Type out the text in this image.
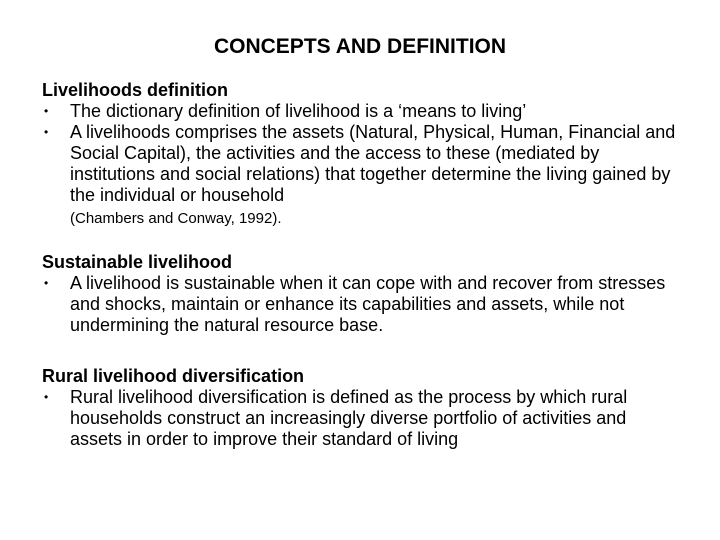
CONCEPTS AND DEFINITION
Livelihoods definition
•	The dictionary definition of livelihood is a ‘means to living’
•	A livelihoods comprises the assets (Natural, Physical, Human, Financial and Social Capital), the activities and the access to these (mediated by institutions and social relations) that together determine the living gained by the individual or household
(Chambers and Conway, 1992).
Sustainable livelihood
•	A livelihood is sustainable when it can cope with and recover from stresses and shocks, maintain or enhance its capabilities and assets, while not undermining the natural resource base.
Rural livelihood diversification
•	Rural livelihood diversification is defined as the process by which rural households construct an increasingly diverse portfolio of activities and assets in order to improve their standard of living
